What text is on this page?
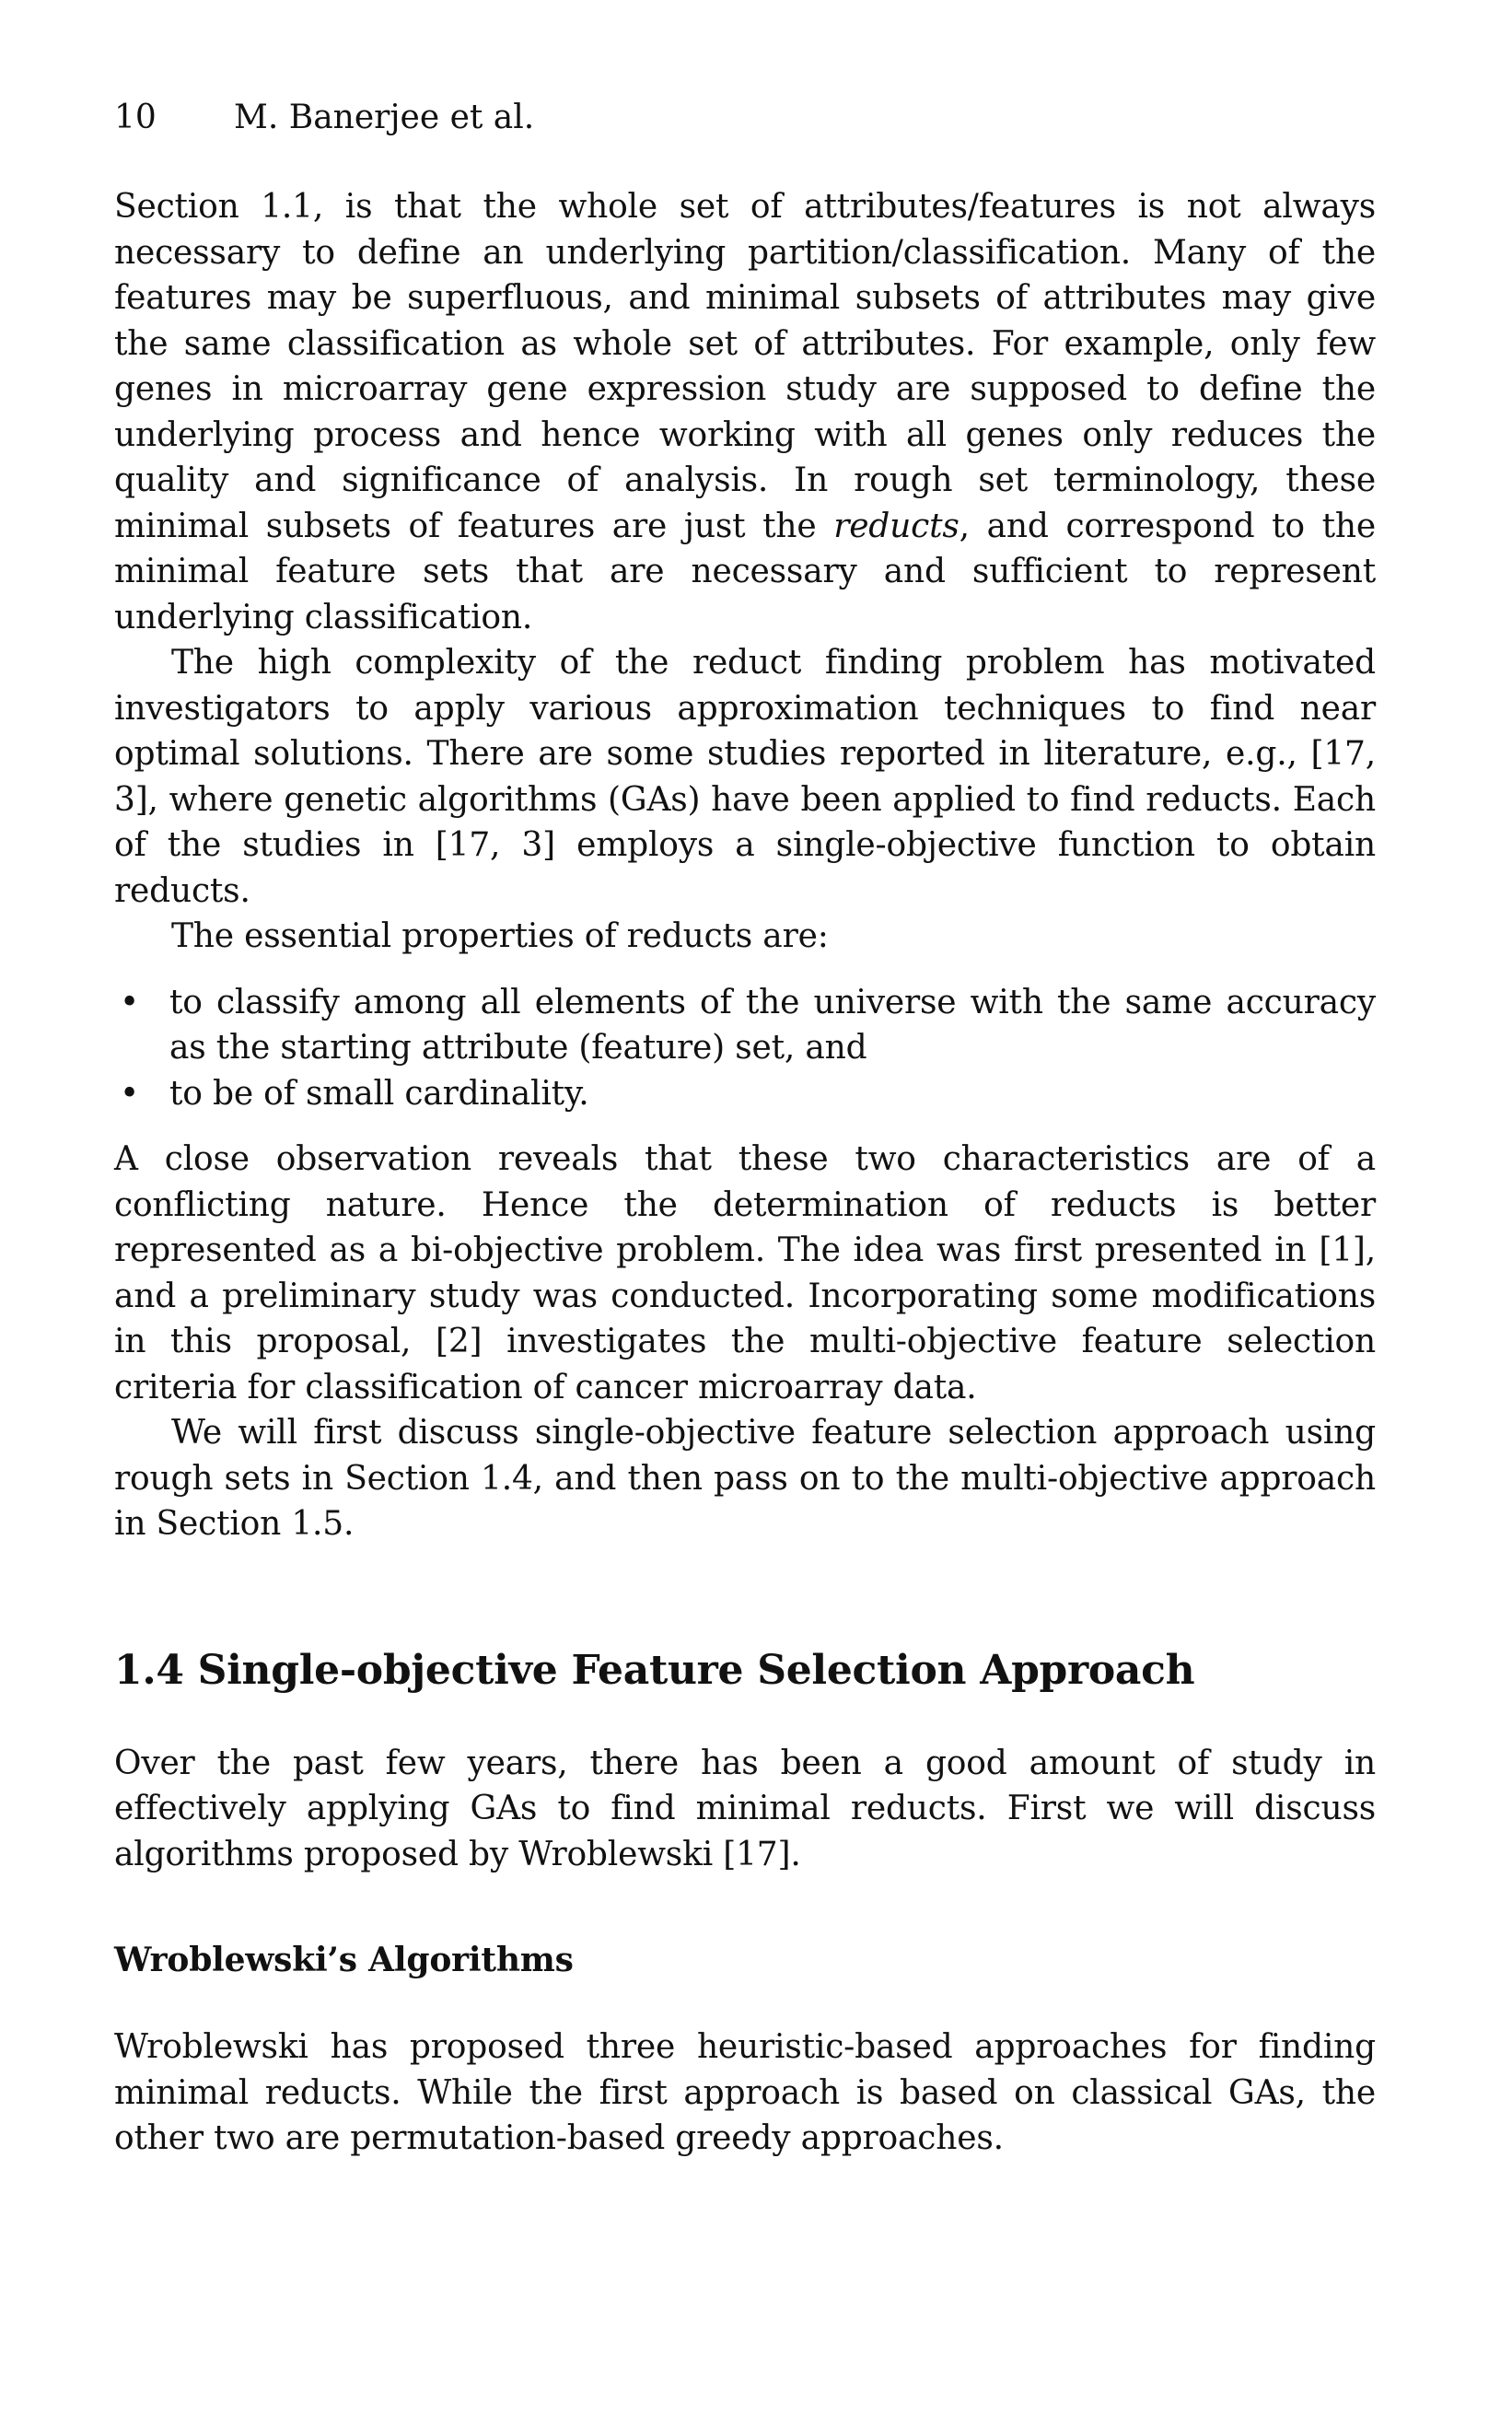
10 M. Banerjee et al.

Section 1.1, is that the whole set of attributes/features is not always necessary to define an underlying partition/classification. Many of the features may be superfluous, and minimal subsets of attributes may give the same classification as whole set of attributes. For example, only few genes in microarray gene expression study are supposed to define the underlying process and hence working with all genes only reduces the quality and significance of analysis. In rough set terminology, these minimal subsets of features are just the reducts, and correspond to the minimal feature sets that are necessary and sufficient to represent underlying classification.

The high complexity of the reduct finding problem has motivated investigators to apply various approximation techniques to find near optimal solutions. There are some studies reported in literature, e.g., [17, 3], where genetic algorithms (GAs) have been applied to find reducts. Each of the studies in [17, 3] employs a single-objective function to obtain reducts.

The essential properties of reducts are:

• to classify among all elements of the universe with the same accuracy as the starting attribute (feature) set, and
• to be of small cardinality.

A close observation reveals that these two characteristics are of a conflicting nature. Hence the determination of reducts is better represented as a bi-objective problem. The idea was first presented in [1], and a preliminary study was conducted. Incorporating some modifications in this proposal, [2] investigates the multi-objective feature selection criteria for classification of cancer microarray data.

We will first discuss single-objective feature selection approach using rough sets in Section 1.4, and then pass on to the multi-objective approach in Section 1.5.

1.4 Single-objective Feature Selection Approach

Over the past few years, there has been a good amount of study in effectively applying GAs to find minimal reducts. First we will discuss algorithms proposed by Wroblewski [17].

Wroblewski’s Algorithms

Wroblewski has proposed three heuristic-based approaches for finding minimal reducts. While the first approach is based on classical GAs, the other two are permutation-based greedy approaches.
